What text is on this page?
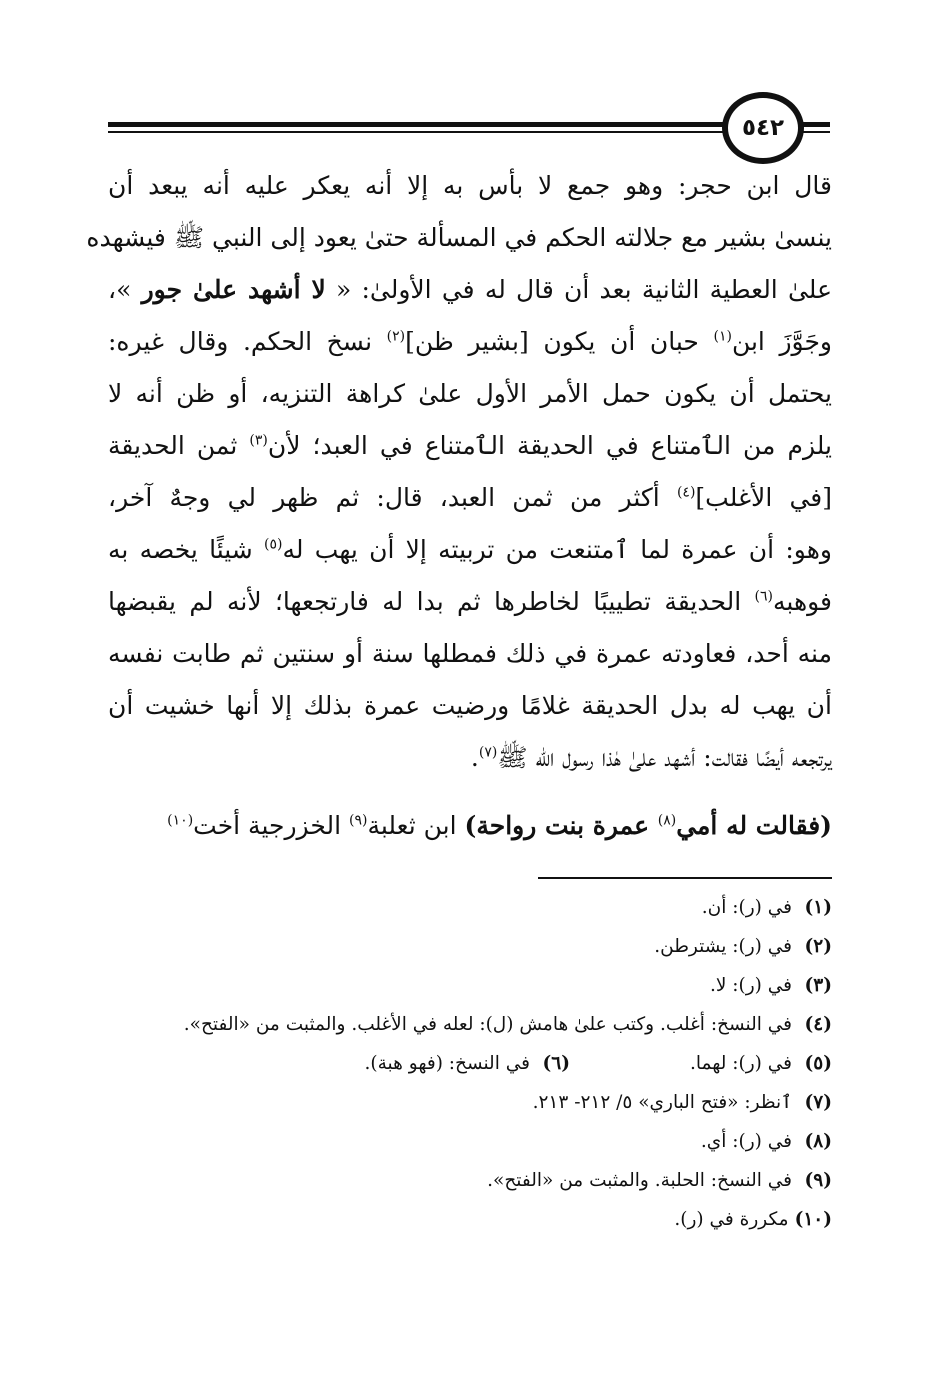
٥٤٢
قال ابن حجر: وهو جمع لا بأس به إلا أنه يعكر عليه أنه يبعد أن
ينسىٰ بشير مع جلالته الحكم في المسألة حتىٰ يعود إلى النبي ﷺ فيشهده
علىٰ العطية الثانية بعد أن قال له في الأولىٰ: « لا أشهد علىٰ جور »،
وجَوَّزَ ابن$^{(١)}$ حبان أن يكون [بشير ظن]$^{(٢)}$ نسخ الحكم. وقال غيره:
يحتمل أن يكون حمل الأمر الأول علىٰ كراهة التنزيه، أو ظن أنه لا
يلزم من الٱمتناع في الحديقة الٱمتناع في العبد؛ لأن$^{(٣)}$ ثمن الحديقة
[في الأغلب]$^{(٤)}$ أكثر من ثمن العبد، قال: ثم ظهر لي وجهٌ آخر،
وهو: أن عمرة لما ٱمتنعت من تربيته إلا أن يهب له$^{(٥)}$ شيئًا يخصه به
فوهبه$^{(٦)}$ الحديقة تطييبًا لخاطرها ثم بدا له فارتجعها؛ لأنه لم يقبضها
منه أحد، فعاودته عمرة في ذلك فمطلها سنة أو سنتين ثم طابت نفسه
أن يهب له بدل الحديقة غلامًا ورضيت عمرة بذلك إلا أنها خشيت أن
يرتجعه أيضًا فقالت: أشهد علىٰ هٰذا رسول الله ﷺ$^{(٧)}$.
(فقالت له أمي$^{(٨)}$ عمرة بنت رواحة) ابن ثعلبة$^{(٩)}$ الخزرجية أخت$^{(١٠)}$
(١)في (ر): أن.
(٢)في (ر): يشترطن.
(٣)في (ر): لا.
(٤)في النسخ: أغلب. وكتب علىٰ هامش (ل): لعله في الأغلب. والمثبت من «الفتح».
(٥)في (ر): لهما.(٦)في النسخ: (فهو هبة).
(٧)ٱنظر: «فتح الباري» ٥/ ٢١٢- ٢١٣.
(٨)في (ر): أي.
(٩)في النسخ: الحلبة. والمثبت من «الفتح».
(١٠)مكررة في (ر).
